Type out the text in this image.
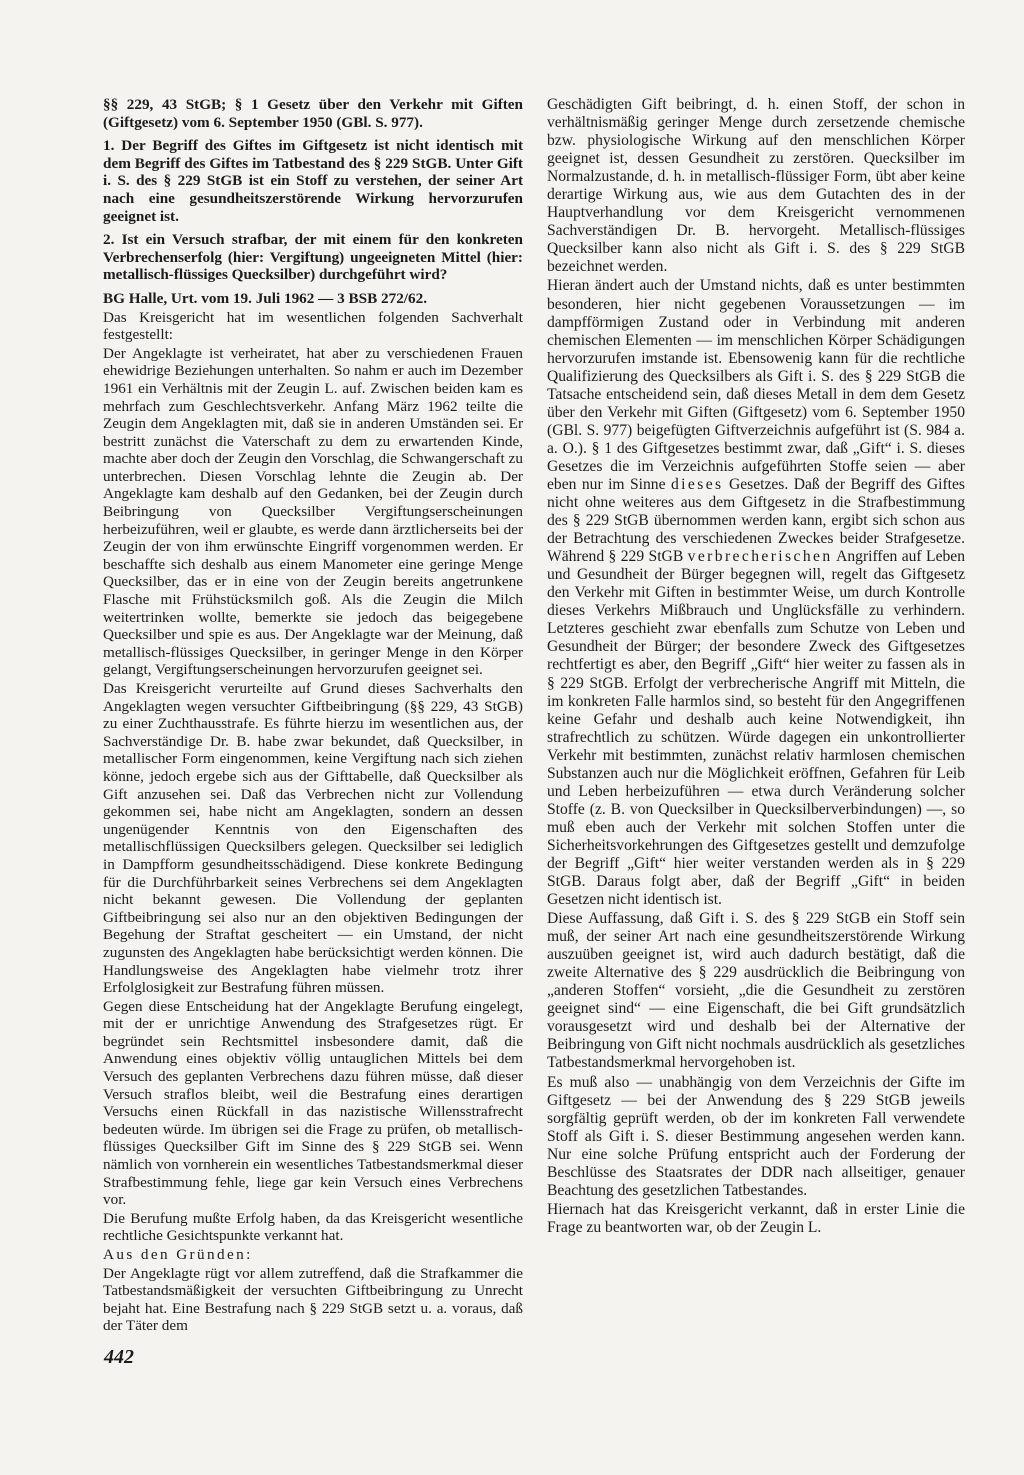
§§ 229, 43 StGB; § 1 Gesetz über den Verkehr mit Giften (Giftgesetz) vom 6. September 1950 (GBl. S. 977).

1. Der Begriff des Giftes im Giftgesetz ist nicht identisch mit dem Begriff des Giftes im Tatbestand des § 229 StGB. Unter Gift i. S. des § 229 StGB ist ein Stoff zu verstehen, der seiner Art nach eine gesundheitszerstörende Wirkung hervorzurufen geeignet ist.

2. Ist ein Versuch strafbar, der mit einem für den konkreten Verbrechenserfolg (hier: Vergiftung) ungeeigneten Mittel (hier: metallisch-flüssiges Quecksilber) durchgeführt wird?

BG Halle, Urt. vom 19. Juli 1962 — 3 BSB 272/62.

Das Kreisgericht hat im wesentlichen folgenden Sachverhalt festgestellt:

Der Angeklagte ist verheiratet, hat aber zu verschiedenen Frauen ehewidrige Beziehungen unterhalten. So nahm er auch im Dezember 1961 ein Verhältnis mit der Zeugin L. auf. Zwischen beiden kam es mehrfach zum Geschlechtsverkehr. Anfang März 1962 teilte die Zeugin dem Angeklagten mit, daß sie in anderen Umständen sei. Er bestritt zunächst die Vaterschaft zu dem zu erwartenden Kinde, machte aber doch der Zeugin den Vorschlag, die Schwangerschaft zu unterbrechen. Diesen Vorschlag lehnte die Zeugin ab. Der Angeklagte kam deshalb auf den Gedanken, bei der Zeugin durch Beibringung von Quecksilber Vergiftungserscheinungen herbeizuführen, weil er glaubte, es werde dann ärztlicherseits bei der Zeugin der von ihm erwünschte Eingriff vorgenommen werden. Er beschaffte sich deshalb aus einem Manometer eine geringe Menge Quecksilber, das er in eine von der Zeugin bereits angetrunkene Flasche mit Frühstücksmilch goß. Als die Zeugin die Milch weitertrinken wollte, bemerkte sie jedoch das beigegebene Quecksilber und spie es aus. Der Angeklagte war der Meinung, daß metallisch-flüssiges Quecksilber, in geringer Menge in den Körper gelangt, Vergiftungserscheinungen hervorzurufen geeignet sei.

Das Kreisgericht verurteilte auf Grund dieses Sachverhalts den Angeklagten wegen versuchter Giftbeibringung (§§ 229, 43 StGB) zu einer Zuchthausstrafe. Es führte hierzu im wesentlichen aus, der Sachverständige Dr. B. habe zwar bekundet, daß Quecksilber, in metallischer Form eingenommen, keine Vergiftung nach sich ziehen könne, jedoch ergebe sich aus der Gifttabelle, daß Quecksilber als Gift anzusehen sei. Daß das Verbrechen nicht zur Vollendung gekommen sei, habe nicht am Angeklagten, sondern an dessen ungenügender Kenntnis von den Eigenschaften des metallischflüssigen Quecksilbers gelegen. Quecksilber sei lediglich in Dampfform gesundheitsschädigend. Diese konkrete Bedingung für die Durchführbarkeit seines Verbrechens sei dem Angeklagten nicht bekannt gewesen. Die Vollendung der geplanten Giftbeibringung sei also nur an den objektiven Bedingungen der Begehung der Straftat gescheitert — ein Umstand, der nicht zugunsten des Angeklagten habe berücksichtigt werden können. Die Handlungsweise des Angeklagten habe vielmehr trotz ihrer Erfolglosigkeit zur Bestrafung führen müssen.

Gegen diese Entscheidung hat der Angeklagte Berufung eingelegt, mit der er unrichtige Anwendung des Strafgesetzes rügt. Er begründet sein Rechtsmittel insbesondere damit, daß die Anwendung eines objektiv völlig untauglichen Mittels bei dem Versuch des geplanten Verbrechens dazu führen müsse, daß dieser Versuch straflos bleibt, weil die Bestrafung eines derartigen Versuchs einen Rückfall in das nazistische Willensstrafrecht bedeuten würde. Im übrigen sei die Frage zu prüfen, ob metallisch-flüssiges Quecksilber Gift im Sinne des § 229 StGB sei. Wenn nämlich von vornherein ein wesentliches Tatbestandsmerkmal dieser Strafbestimmung fehle, liege gar kein Versuch eines Verbrechens vor.

Die Berufung mußte Erfolg haben, da das Kreisgericht wesentliche rechtliche Gesichtspunkte verkannt hat.

Aus den Gründen:

Der Angeklagte rügt vor allem zutreffend, daß die Strafkammer die Tatbestandsmäßigkeit der versuchten Giftbeibringung zu Unrecht bejaht hat. Eine Bestrafung nach § 229 StGB setzt u. a. voraus, daß der Täter dem

Geschädigten Gift beibringt, d. h. einen Stoff, der schon in verhältnismäßig geringer Menge durch zersetzende chemische bzw. physiologische Wirkung auf den menschlichen Körper geeignet ist, dessen Gesundheit zu zerstören. Quecksilber im Normalzustande, d. h. in metallisch-flüssiger Form, übt aber keine derartige Wirkung aus, wie aus dem Gutachten des in der Hauptverhandlung vor dem Kreisgericht vernommenen Sachverständigen Dr. B. hervorgeht. Metallisch-flüssiges Quecksilber kann also nicht als Gift i. S. des § 229 StGB bezeichnet werden.

Hieran ändert auch der Umstand nichts, daß es unter bestimmten besonderen, hier nicht gegebenen Voraussetzungen — im dampfförmigen Zustand oder in Verbindung mit anderen chemischen Elementen — im menschlichen Körper Schädigungen hervorzurufen imstande ist. Ebensowenig kann für die rechtliche Qualifizierung des Quecksilbers als Gift i. S. des § 229 StGB die Tatsache entscheidend sein, daß dieses Metall in dem dem Gesetz über den Verkehr mit Giften (Giftgesetz) vom 6. September 1950 (GBl. S. 977) beigefügten Giftverzeichnis aufgeführt ist (S. 984 a. a. O.). § 1 des Giftgesetzes bestimmt zwar, daß „Gift“ i. S. dieses Gesetzes die im Verzeichnis aufgeführten Stoffe seien — aber eben nur im Sinne dieses Gesetzes. Daß der Begriff des Giftes nicht ohne weiteres aus dem Giftgesetz in die Strafbestimmung des § 229 StGB übernommen werden kann, ergibt sich schon aus der Betrachtung des verschiedenen Zweckes beider Strafgesetze. Während § 229 StGB verbrecherischen Angriffen auf Leben und Gesundheit der Bürger begegnen will, regelt das Giftgesetz den Verkehr mit Giften in bestimmter Weise, um durch Kontrolle dieses Verkehrs Mißbrauch und Unglücksfälle zu verhindern. Letzteres geschieht zwar ebenfalls zum Schutze von Leben und Gesundheit der Bürger; der besondere Zweck des Giftgesetzes rechtfertigt es aber, den Begriff „Gift“ hier weiter zu fassen als in § 229 StGB. Erfolgt der verbrecherische Angriff mit Mitteln, die im konkreten Falle harmlos sind, so besteht für den Angegriffenen keine Gefahr und deshalb auch keine Notwendigkeit, ihn strafrechtlich zu schützen. Würde dagegen ein unkontrollierter Verkehr mit bestimmten, zunächst relativ harmlosen chemischen Substanzen auch nur die Möglichkeit eröffnen, Gefahren für Leib und Leben herbeizuführen — etwa durch Veränderung solcher Stoffe (z. B. von Quecksilber in Quecksilberverbindungen) —, so muß eben auch der Verkehr mit solchen Stoffen unter die Sicherheitsvorkehrungen des Giftgesetzes gestellt und demzufolge der Begriff „Gift“ hier weiter verstanden werden als in § 229 StGB. Daraus folgt aber, daß der Begriff „Gift“ in beiden Gesetzen nicht identisch ist.

Diese Auffassung, daß Gift i. S. des § 229 StGB ein Stoff sein muß, der seiner Art nach eine gesundheitszerstörende Wirkung auszuüben geeignet ist, wird auch dadurch bestätigt, daß die zweite Alternative des § 229 ausdrücklich die Beibringung von „anderen Stoffen“ vorsieht, „die die Gesundheit zu zerstören geeignet sind“ — eine Eigenschaft, die bei Gift grundsätzlich vorausgesetzt wird und deshalb bei der Alternative der Beibringung von Gift nicht nochmals ausdrücklich als gesetzliches Tatbestandsmerkmal hervorgehoben ist.

Es muß also — unabhängig von dem Verzeichnis der Gifte im Giftgesetz — bei der Anwendung des § 229 StGB jeweils sorgfältig geprüft werden, ob der im konkreten Fall verwendete Stoff als Gift i. S. dieser Bestimmung angesehen werden kann. Nur eine solche Prüfung entspricht auch der Forderung der Beschlüsse des Staatsrates der DDR nach allseitiger, genauer Beachtung des gesetzlichen Tatbestandes.

Hiernach hat das Kreisgericht verkannt, daß in erster Linie die Frage zu beantworten war, ob der Zeugin L.

442
